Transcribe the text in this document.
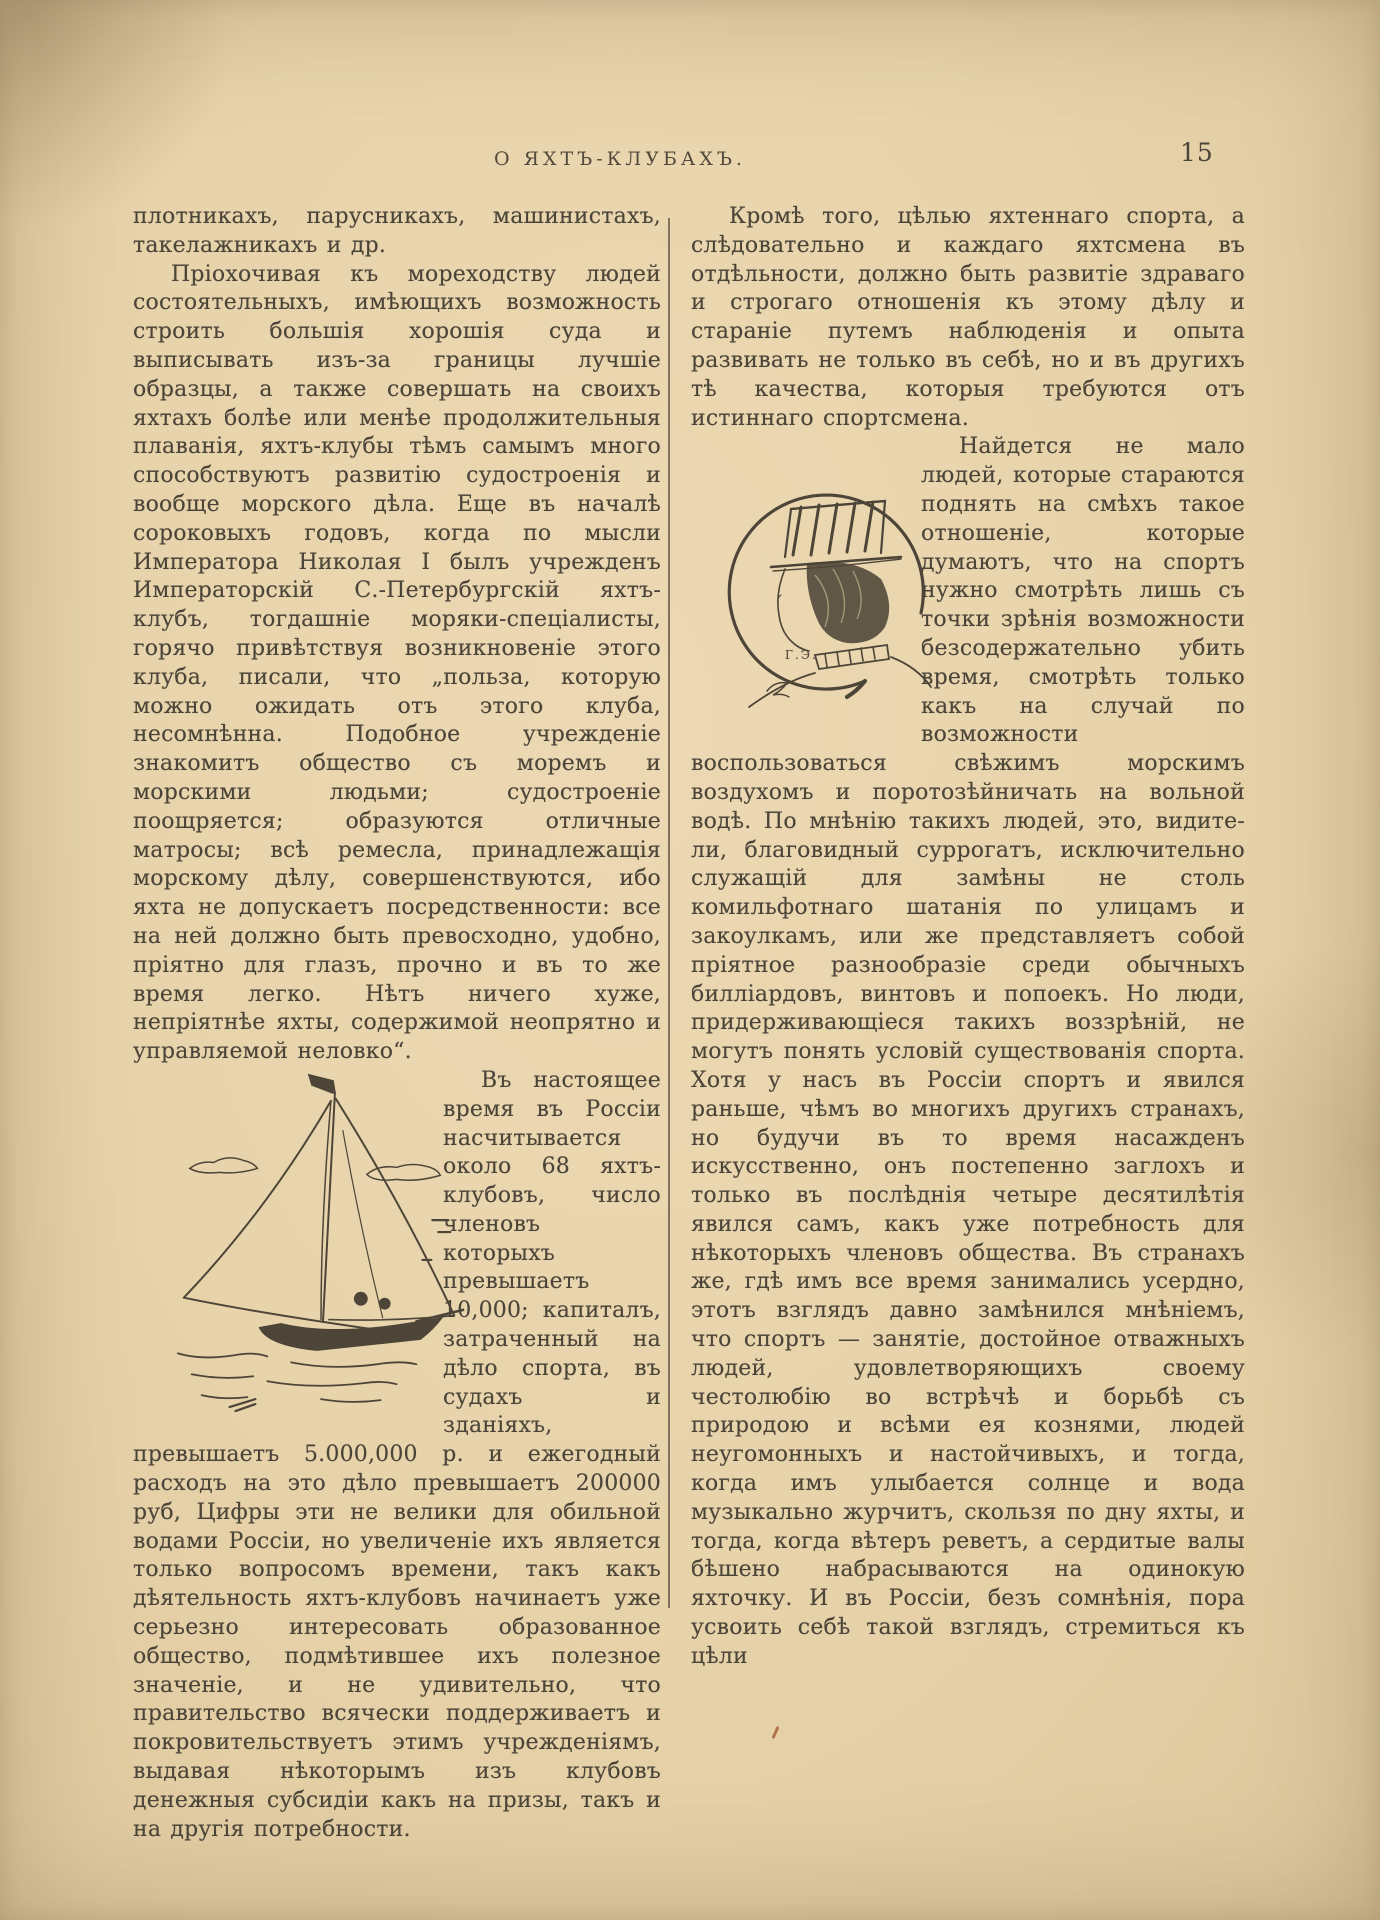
О ЯХТЪ-КЛУБАХЪ.	15

плотникахъ, парусникахъ, машинистахъ, такелажникахъ и др.

Пріохочивая къ мореходству людей состоятельныхъ, имѣющихъ возможность строить большія хорошія суда и выписывать изъ-за границы лучшіе образцы, а также совершать на своихъ яхтахъ болѣе или менѣе продолжительныя плаванія, яхтъ-клубы тѣмъ самымъ много способствуютъ развитію судостроенія и вообще морского дѣла. Еще въ началѣ сороковыхъ годовъ, когда по мысли Императора Николая I былъ учрежденъ Императорскій С.-Петербургскій яхтъ-клубъ, тогдашніе моряки-спеціалисты, горячо привѣтствуя возникновеніе этого клуба, писали, что „польза, которую можно ожидать отъ этого клуба, несомнѣнна. Подобное учрежденіе знакомитъ общество съ моремъ и морскими людьми; судостроеніе поощряется; образуются отличные матросы; всѣ ремесла, принадлежащія морскому дѣлу, совершенствуются, ибо яхта не допускаетъ посредственности: все на ней должно быть превосходно, удобно, пріятно для глазъ, прочно и въ то же время легко. Нѣтъ ничего хуже, непріятнѣе яхты, содержимой неопрятно и управляемой неловко“.

Въ настоящее время въ Россіи насчитывается около 68 яхтъ-клубовъ, число членовъ которыхъ превышаетъ 10,000; капиталъ, затраченный на дѣло спорта, въ судахъ и зданіяхъ, превышаетъ 5.000,000 р. и ежегодный расходъ на это дѣло превышаетъ 200000 руб, Цифры эти не велики для обильной водами Россіи, но увеличеніе ихъ является только вопросомъ времени, такъ какъ дѣятельность яхтъ-клубовъ начинаетъ уже серьезно интересовать образованное общество, подмѣтившее ихъ полезное значеніе, и не удивительно, что правительство всячески поддерживаетъ и покровительствуетъ этимъ учрежденіямъ, выдавая нѣкоторымъ изъ клубовъ денежныя субсидіи какъ на призы, такъ и на другія потребности.

Кромѣ того, цѣлью яхтеннаго спорта, а слѣдовательно и каждаго яхтсмена въ отдѣльности, должно быть развитіе здраваго и строгаго отношенія къ этому дѣлу и стараніе путемъ наблюденія и опыта развивать не только въ себѣ, но и въ другихъ тѣ качества, которыя требуются отъ истиннаго спортсмена.

Г.Э.
Найдется не мало людей, которые стараются поднять на смѣхъ такое отношеніе, которые думаютъ, что на спортъ нужно смотрѣть лишь съ точки зрѣнія возможности безсодержательно убить время, смотрѣть только какъ на случай по возможности воспользоваться свѣжимъ морскимъ воздухомъ и поротозѣйничать на вольной водѣ. По мнѣнію такихъ людей, это, видите-ли, благовидный суррогатъ, исключительно служащій для замѣны не столь комильфотнаго шатанія по улицамъ и закоулкамъ, или же представляетъ собой пріятное разнообразіе среди обычныхъ билліардовъ, винтовъ и попоекъ. Но люди, придерживающіеся такихъ воззрѣній, не могутъ понять условій существованія спорта. Хотя у насъ въ Россіи спортъ и явился раньше, чѣмъ во многихъ другихъ странахъ, но будучи въ то время насажденъ искусственно, онъ постепенно заглохъ и только въ послѣднія четыре десятилѣтія явился самъ, какъ уже потребность для нѣкоторыхъ членовъ общества. Въ странахъ же, гдѣ имъ все время занимались усердно, этотъ взглядъ давно замѣнился мнѣніемъ, что спортъ — занятіе, достойное отважныхъ людей, удовлетворяющихъ своему честолюбію во встрѣчѣ и борьбѣ съ природою и всѣми ея кознями, людей неугомонныхъ и настойчивыхъ, и тогда, когда имъ улыбается солнце и вода музыкально журчитъ, скользя по дну яхты, и тогда, когда вѣтеръ реветъ, а сердитые валы бѣшено набрасываются на одинокую яхточку. И въ Россіи, безъ сомнѣнія, пора усвоить себѣ такой взглядъ, стремиться къ цѣли
